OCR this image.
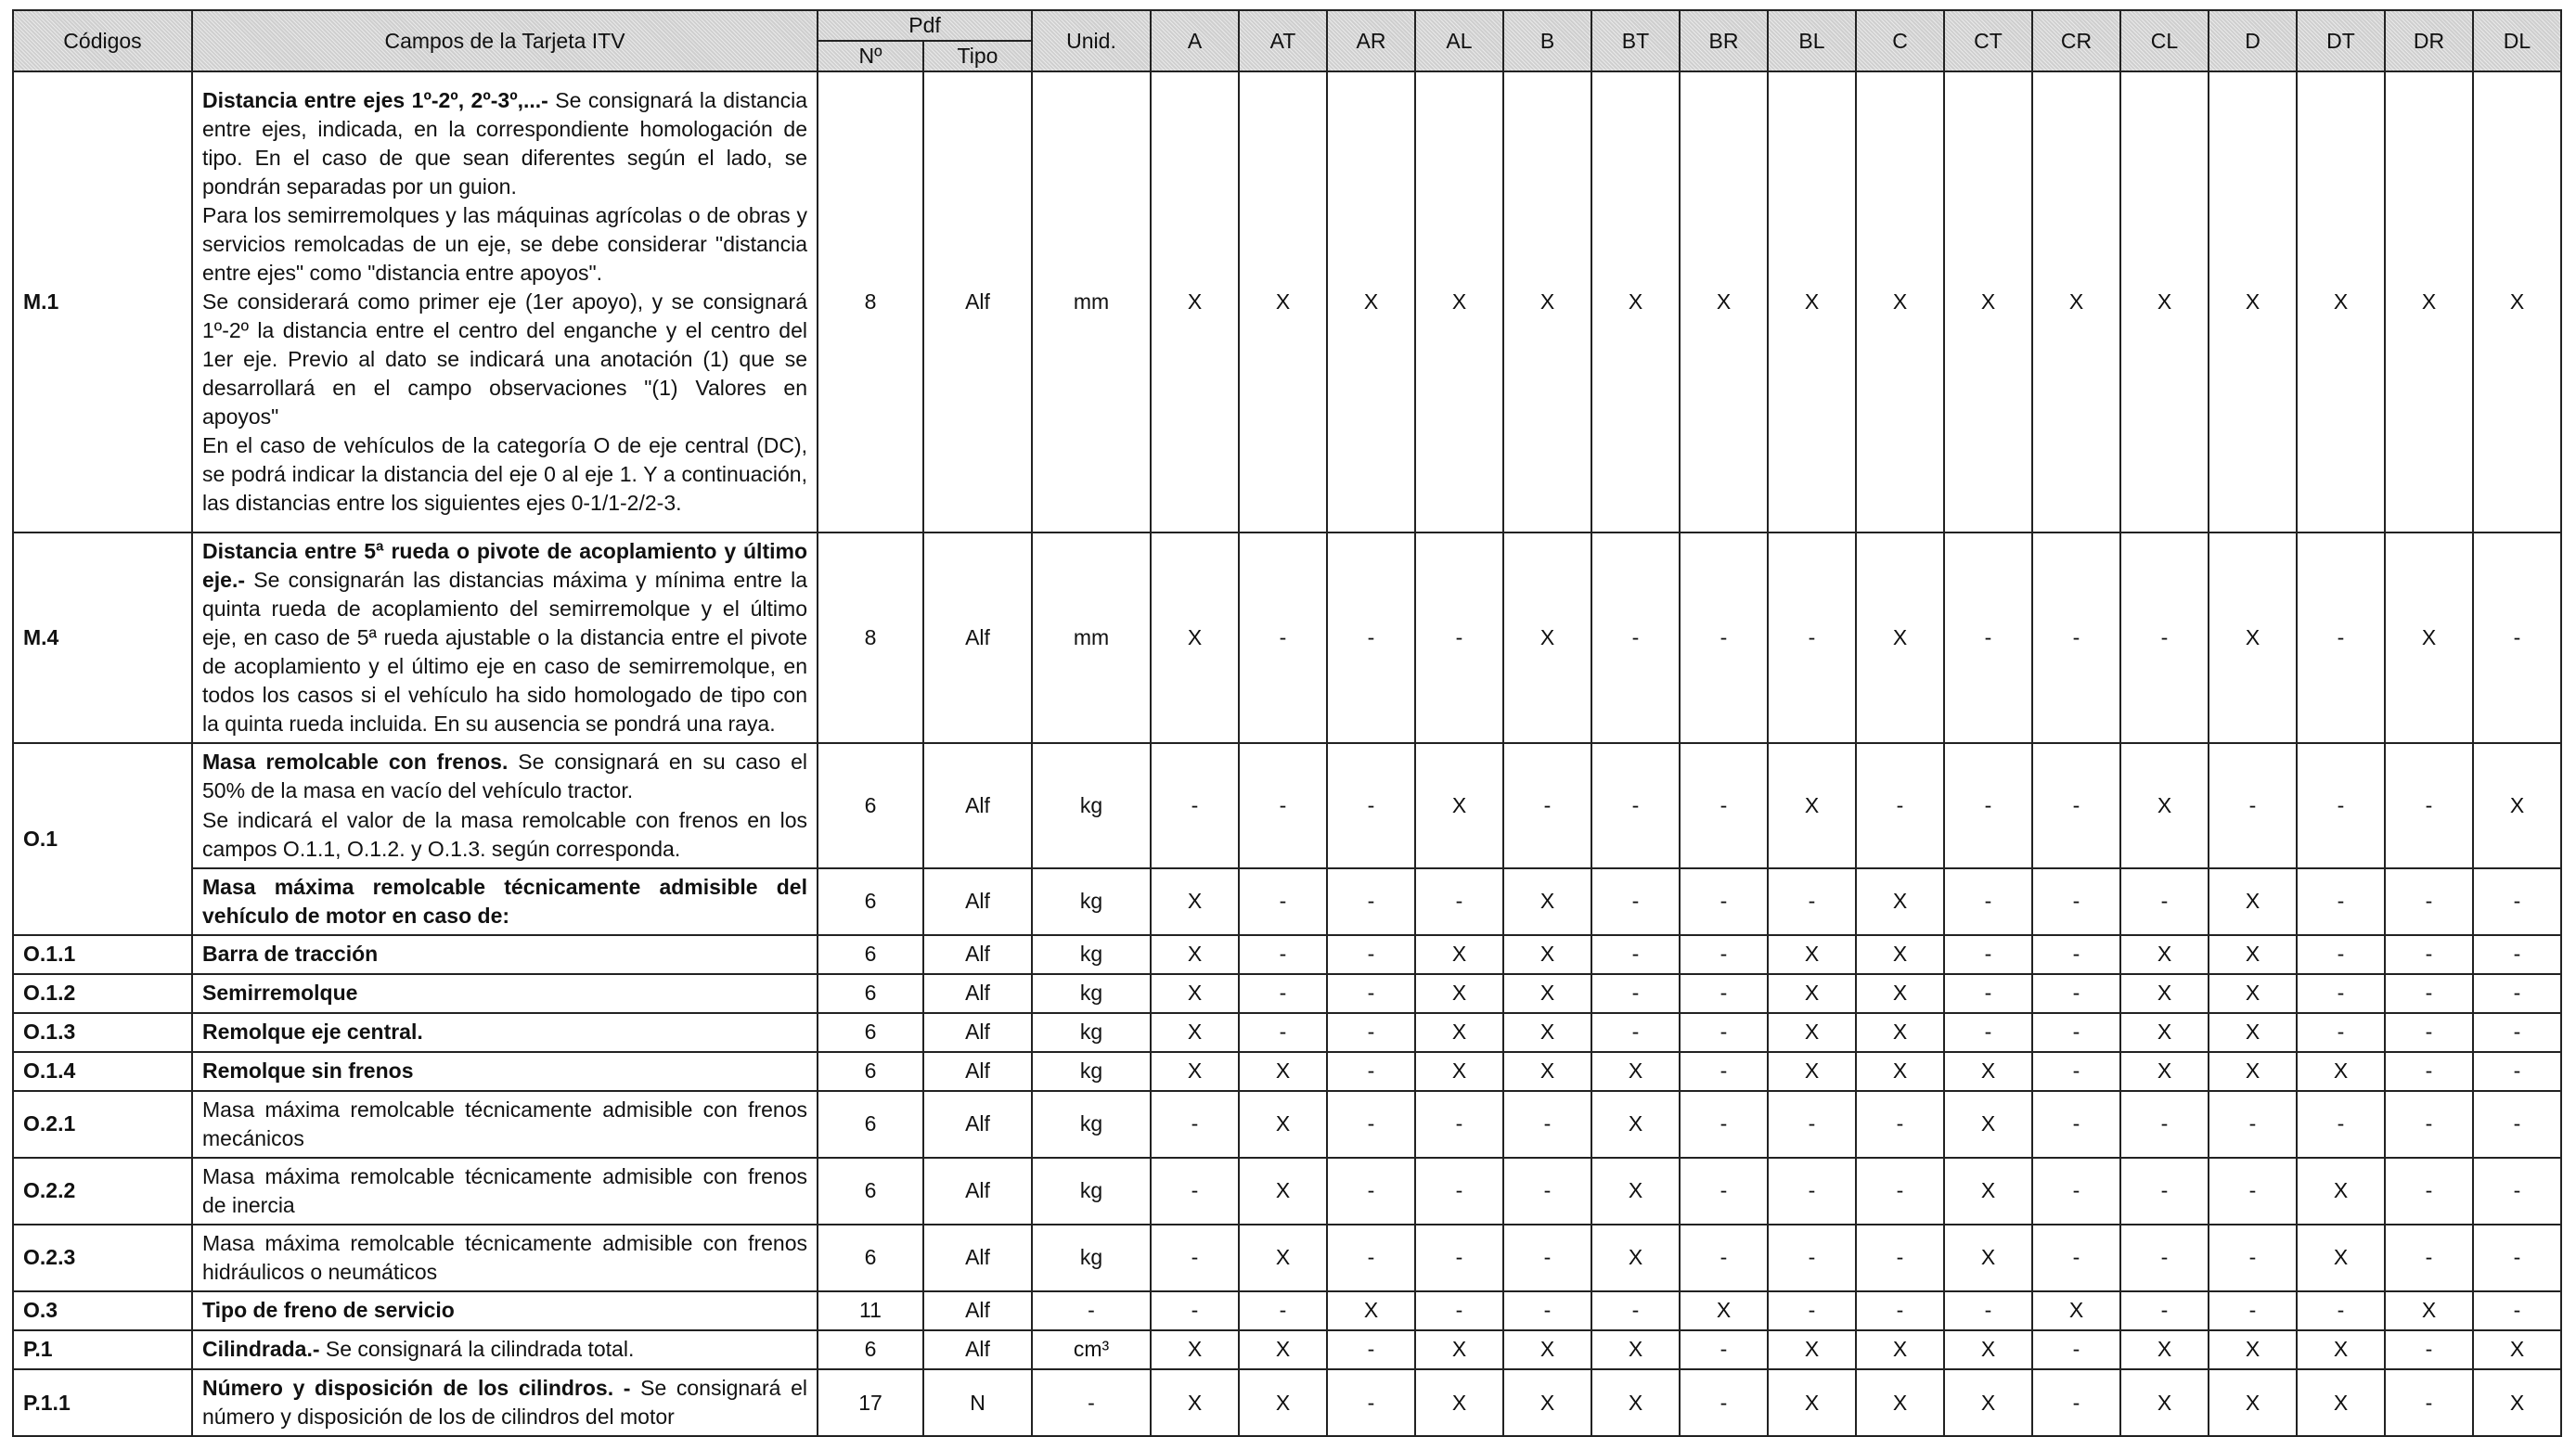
Códigos	Campos de la Tarjeta ITV	Pdf		Unid.	A	AT	AR	AL	B	BT	BR	BL	C	CT	CR	CL	D	DT	DR	DL
		Nº	Tipo																	
M.1	Distancia entre ejes 1º-2º, 2º-3º,...- Se consignará la distancia entre ejes, indicada, en la correspondiente homologación de tipo. En el caso de que sean diferentes según el lado, se pondrán separadas por un guion.
Para los semirremolques y las máquinas agrícolas o de obras y servicios remolcadas de un eje, se debe considerar "distancia entre ejes" como "distancia entre apoyos".
Se considerará como primer eje (1er apoyo), y se consignará 1º-2º la distancia entre el centro del enganche y el centro del 1er eje. Previo al dato se indicará una anotación (1) que se desarrollará en el campo observaciones "(1) Valores en apoyos"
En el caso de vehículos de la categoría O de eje central (DC), se podrá indicar la distancia del eje 0 al eje 1. Y a continuación, las distancias entre los siguientes ejes 0-1/1-2/2-3.	8	Alf	mm	X	X	X	X	X	X	X	X	X	X	X	X	X	X	X	X
M.4	Distancia entre 5ª rueda o pivote de acoplamiento y último eje.- Se consignarán las distancias máxima y mínima entre la quinta rueda de acoplamiento del semirremolque y el último eje, en caso de 5ª rueda ajustable o la distancia entre el pivote de acoplamiento y el último eje en caso de semirremolque, en todos los casos si el vehículo ha sido homologado de tipo con la quinta rueda incluida. En su ausencia se pondrá una raya.	8	Alf	mm	X	-	-	-	X	-	-	-	X	-	-	-	X	-	X	-
O.1	Masa remolcable con frenos. Se consignará en su caso el 50% de la masa en vacío del vehículo tractor.
Se indicará el valor de la masa remolcable con frenos en los campos O.1.1, O.1.2. y O.1.3. según corresponda.	6	Alf	kg	-	-	-	X	-	-	-	X	-	-	-	X	-	-	-	X

	Masa máxima remolcable técnicamente admisible del vehículo de motor en caso de:	6	Alf	kg	X	-	-	-	X	-	-	-	X	-	-	-	X	-	-	-
O.1.1	Barra de tracción	6	Alf	kg	X	-	-	X	X	-	-	X	X	-	-	X	X	-	-	-
O.1.2	Semirremolque	6	Alf	kg	X	-	-	X	X	-	-	X	X	-	-	X	X	-	-	-
O.1.3	Remolque eje central.	6	Alf	kg	X	-	-	X	X	-	-	X	X	-	-	X	X	-	-	-
O.1.4	Remolque sin frenos	6	Alf	kg	X	X	-	X	X	X	-	X	X	X	-	X	X	X	-	-
O.2.1	Masa máxima remolcable técnicamente admisible con frenos mecánicos	6	Alf	kg	-	X	-	-	-	X	-	-	-	X	-	-	-	-	-	-
O.2.2	Masa máxima remolcable técnicamente admisible con frenos de inercia	6	Alf	kg	-	X	-	-	-	X	-	-	-	X	-	-	-	X	-	-
O.2.3	Masa máxima remolcable técnicamente admisible con frenos hidráulicos o neumáticos	6	Alf	kg	-	X	-	-	-	X	-	-	-	X	-	-	-	X	-	-
O.3	Tipo de freno de servicio	11	Alf	-	-	-	X	-	-	-	X	-	-	-	X	-	-	-	X	-
P.1	Cilindrada.- Se consignará la cilindrada total.	6	Alf	cm³	X	X	-	X	X	X	-	X	X	X	-	X	X	X	-	X
P.1.1	Número y disposición de los cilindros. - Se consignará el número y disposición de los de cilindros del motor	17	N	-	X	X	-	X	X	X	-	X	X	X	-	X	X	X	-	X
